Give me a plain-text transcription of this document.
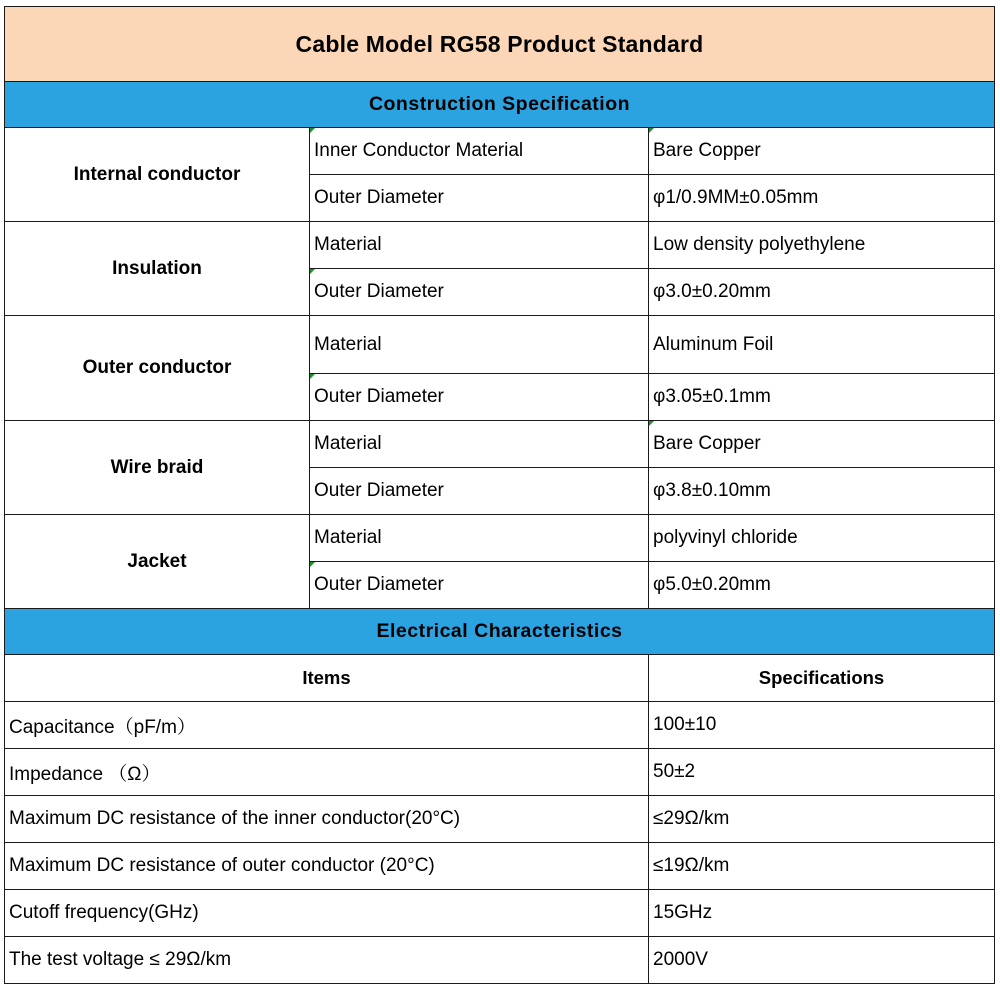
Cable Model RG58 Product Standard		
Construction Specification		
Internal conductor	Inner Conductor Material	Bare Copper
	Outer Diameter	φ1/0.9MM±0.05mm
Insulation	Material	Low density polyethylene
	Outer Diameter	φ3.0±0.20mm
Outer conductor	Material	Aluminum Foil
	Outer Diameter	φ3.05±0.1mm
Wire braid	Material	Bare Copper
	Outer Diameter	φ3.8±0.10mm
Jacket	Material	polyvinyl chloride
	Outer Diameter	φ5.0±0.20mm
Electrical Characteristics		
Items		Specifications
Capacitance（pF/m）		100±10
Impedance （Ω）		50±2
Maximum DC resistance of the inner conductor(20°C)		≤29Ω/km
Maximum DC resistance of outer conductor (20°C)		≤19Ω/km
Cutoff frequency(GHz)		15GHz
The test voltage ≤ 29Ω/km		2000V
